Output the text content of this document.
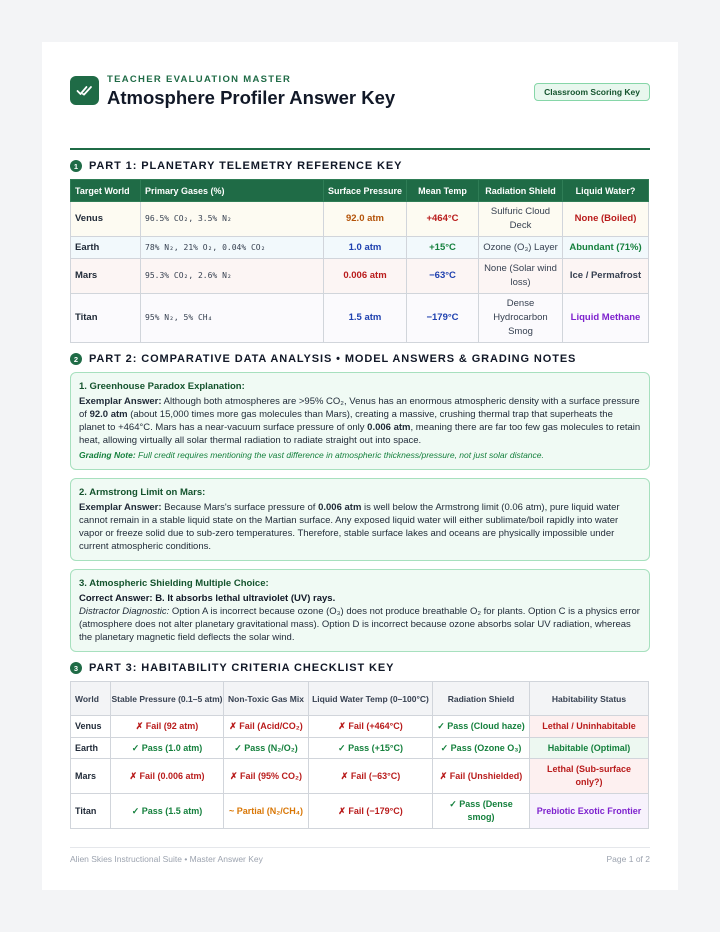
TEACHER EVALUATION MASTER
Atmosphere Profiler Answer Key	Classroom Scoring Key
1 PART 1: PLANETARY TELEMETRY REFERENCE KEY
Target World	Primary Gases (%)	Surface Pressure	Mean Temp	Radiation Shield	Liquid Water?
Venus	96.5% CO₂, 3.5% N₂	92.0 atm	+464°C	Sulfuric Cloud Deck	None (Boiled)
Earth	78% N₂, 21% O₂, 0.04% CO₂	1.0 atm	+15°C	Ozone (O₃) Layer	Abundant (71%)
Mars	95.3% CO₂, 2.6% N₂	0.006 atm	−63°C	None (Solar wind loss)	Ice / Permafrost
Titan	95% N₂, 5% CH₄	1.5 atm	−179°C	Dense Hydrocarbon Smog	Liquid Methane
2 PART 2: COMPARATIVE DATA ANALYSIS • MODEL ANSWERS & GRADING NOTES
1. Greenhouse Paradox Explanation:
Exemplar Answer: Although both atmospheres are >95% CO₂, Venus has an enormous atmospheric density with a surface pressure of 92.0 atm (about 15,000 times more gas molecules than Mars), creating a massive, crushing thermal trap that superheats the planet to +464°C. Mars has a near-vacuum surface pressure of only 0.006 atm, meaning there are far too few gas molecules to retain heat, allowing virtually all solar thermal radiation to radiate straight out into space.
Grading Note: Full credit requires mentioning the vast difference in atmospheric thickness/pressure, not just solar distance.
2. Armstrong Limit on Mars:
Exemplar Answer: Because Mars's surface pressure of 0.006 atm is well below the Armstrong limit (0.06 atm), pure liquid water cannot remain in a stable liquid state on the Martian surface. Any exposed liquid water will either sublimate/boil rapidly into water vapor or freeze solid due to sub-zero temperatures. Therefore, stable surface lakes and oceans are physically impossible under current atmospheric conditions.
3. Atmospheric Shielding Multiple Choice:
Correct Answer: B. It absorbs lethal ultraviolet (UV) rays.
Distractor Diagnostic: Option A is incorrect because ozone (O₃) does not produce breathable O₂ for plants. Option C is a physics error (atmosphere does not alter planetary gravitational mass). Option D is incorrect because ozone absorbs solar UV radiation, whereas the planetary magnetic field deflects the solar wind.
3 PART 3: HABITABILITY CRITERIA CHECKLIST KEY
World	Stable Pressure (0.1–5 atm)	Non-Toxic Gas Mix	Liquid Water Temp (0–100°C)	Radiation Shield	Habitability Status
Venus	✗ Fail (92 atm)	✗ Fail (Acid/CO₂)	✗ Fail (+464°C)	✓ Pass (Cloud haze)	Lethal / Uninhabitable
Earth	✓ Pass (1.0 atm)	✓ Pass (N₂/O₂)	✓ Pass (+15°C)	✓ Pass (Ozone O₃)	Habitable (Optimal)
Mars	✗ Fail (0.006 atm)	✗ Fail (95% CO₂)	✗ Fail (−63°C)	✗ Fail (Unshielded)	Lethal (Sub-surface only?)
Titan	✓ Pass (1.5 atm)	~ Partial (N₂/CH₄)	✗ Fail (−179°C)	✓ Pass (Dense smog)	Prebiotic Exotic Frontier
Alien Skies Instructional Suite • Master Answer Key	Page 1 of 2
